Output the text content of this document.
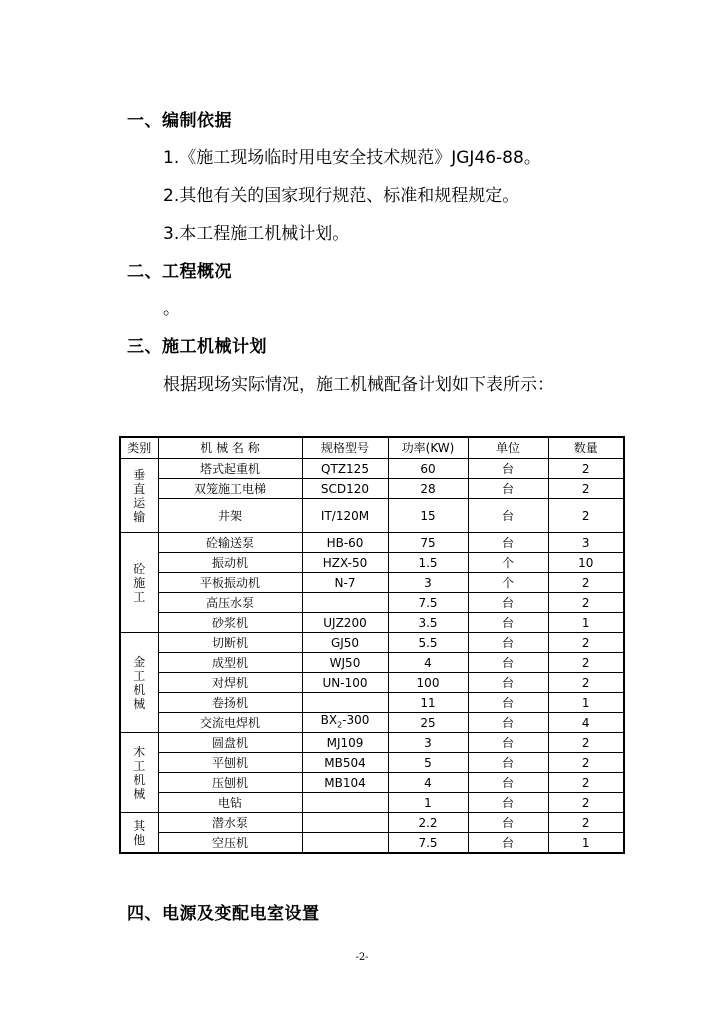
一、编制依据
1.《施工现场临时用电安全技术规范》JGJ46-88。
2.其他有关的国家现行规范、标准和规程规定。
3.本工程施工机械计划。
二、工程概况
。
三、施工机械计划
根据现场实际情况，施工机械配备计划如下表所示：
类别	机 械 名 称	规格型号	功率(KW)	单位	数量

垂
直
运
输	塔式起重机	QTZ125	60	台	2
	双笼施工电梯	SCD120	28	台	2
	井架	IT/120M	15	台	2

砼
施
工	砼输送泵	HB-60	75	台	3
	振动机	HZX-50	1.5	个	10
	平板振动机	N-7	3	个	2
	高压水泵		7.5	台	2
	砂浆机	UJZ200	3.5	台	1

金
工
机
械	切断机	GJ50	5.5	台	2
	成型机	WJ50	4	台	2
	对焊机	UN-100	100	台	2
	卷扬机		11	台	1
	交流电焊机	$BX_2-300$	25	台	4

木
工
机
械	圆盘机	MJ109	3	台	2
	平刨机	MB504	5	台	2
	压刨机	MB104	4	台	2
	电钻		1	台	2

其
他	潜水泵		2.2	台	2
	空压机		7.5	台	1
四、电源及变配电室设置
-2-
